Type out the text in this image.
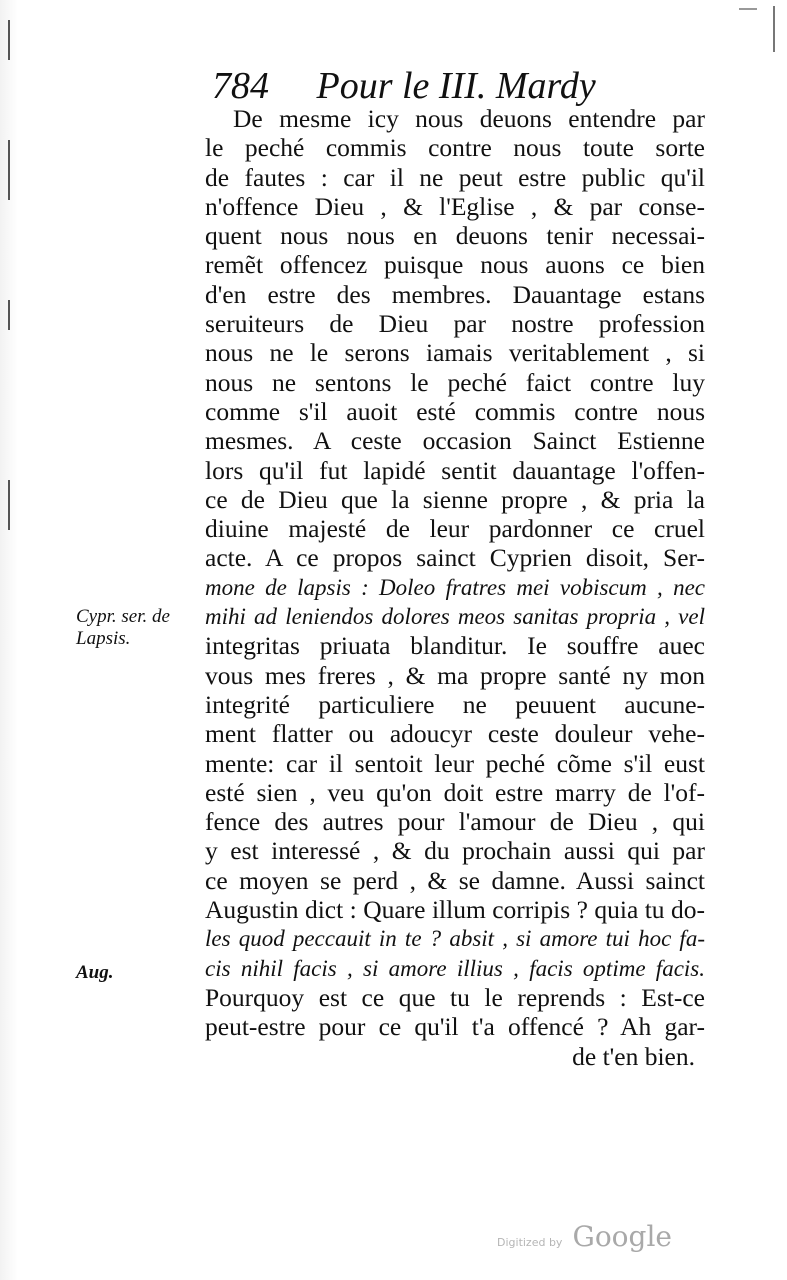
784 Pour le III. Mardy
De mesme icy nous deuons entendre par
le peché commis contre nous toute sorte
de fautes : car il ne peut estre public qu'il
n'offence Dieu , & l'Eglise , & par conse-
quent nous nous en deuons tenir necessai-
remẽt offencez puisque nous auons ce bien
d'en estre des membres. Dauantage estans
seruiteurs de Dieu par nostre profession
nous ne le serons iamais veritablement , si
nous ne sentons le peché faict contre luy
comme s'il auoit esté commis contre nous
mesmes. A ceste occasion Sainct Estienne
lors qu'il fut lapidé sentit dauantage l'offen-
ce de Dieu que la sienne propre , & pria la
diuine majesté de leur pardonner ce cruel
acte. A ce propos sainct Cyprien disoit, Ser-
mone de lapsis : Doleo fratres mei vobiscum , nec
mihi ad leniendos dolores meos sanitas propria , vel
integritas priuata blanditur. Ie souffre auec
vous mes freres , & ma propre santé ny mon
integrité particuliere ne peuuent aucune-
ment flatter ou adoucyr ceste douleur vehe-
mente: car il sentoit leur peché cõme s'il eust
esté sien , veu qu'on doit estre marry de l'of-
fence des autres pour l'amour de Dieu , qui
y est interessé , & du prochain aussi qui par
ce moyen se perd , & se damne. Aussi sainct
Augustin dict : Quare illum corripis ? quia tu do-
les quod peccauit in te ? absit , si amore tui hoc fa-
cis nihil facis , si amore illius , facis optime facis.
Pourquoy est ce que tu le reprends : Est-ce
peut-estre pour ce qu'il t'a offencé ? Ah gar-
de t'en bien.
Cypr. ser. de Lapsis.
Aug.
Digitized by Google
